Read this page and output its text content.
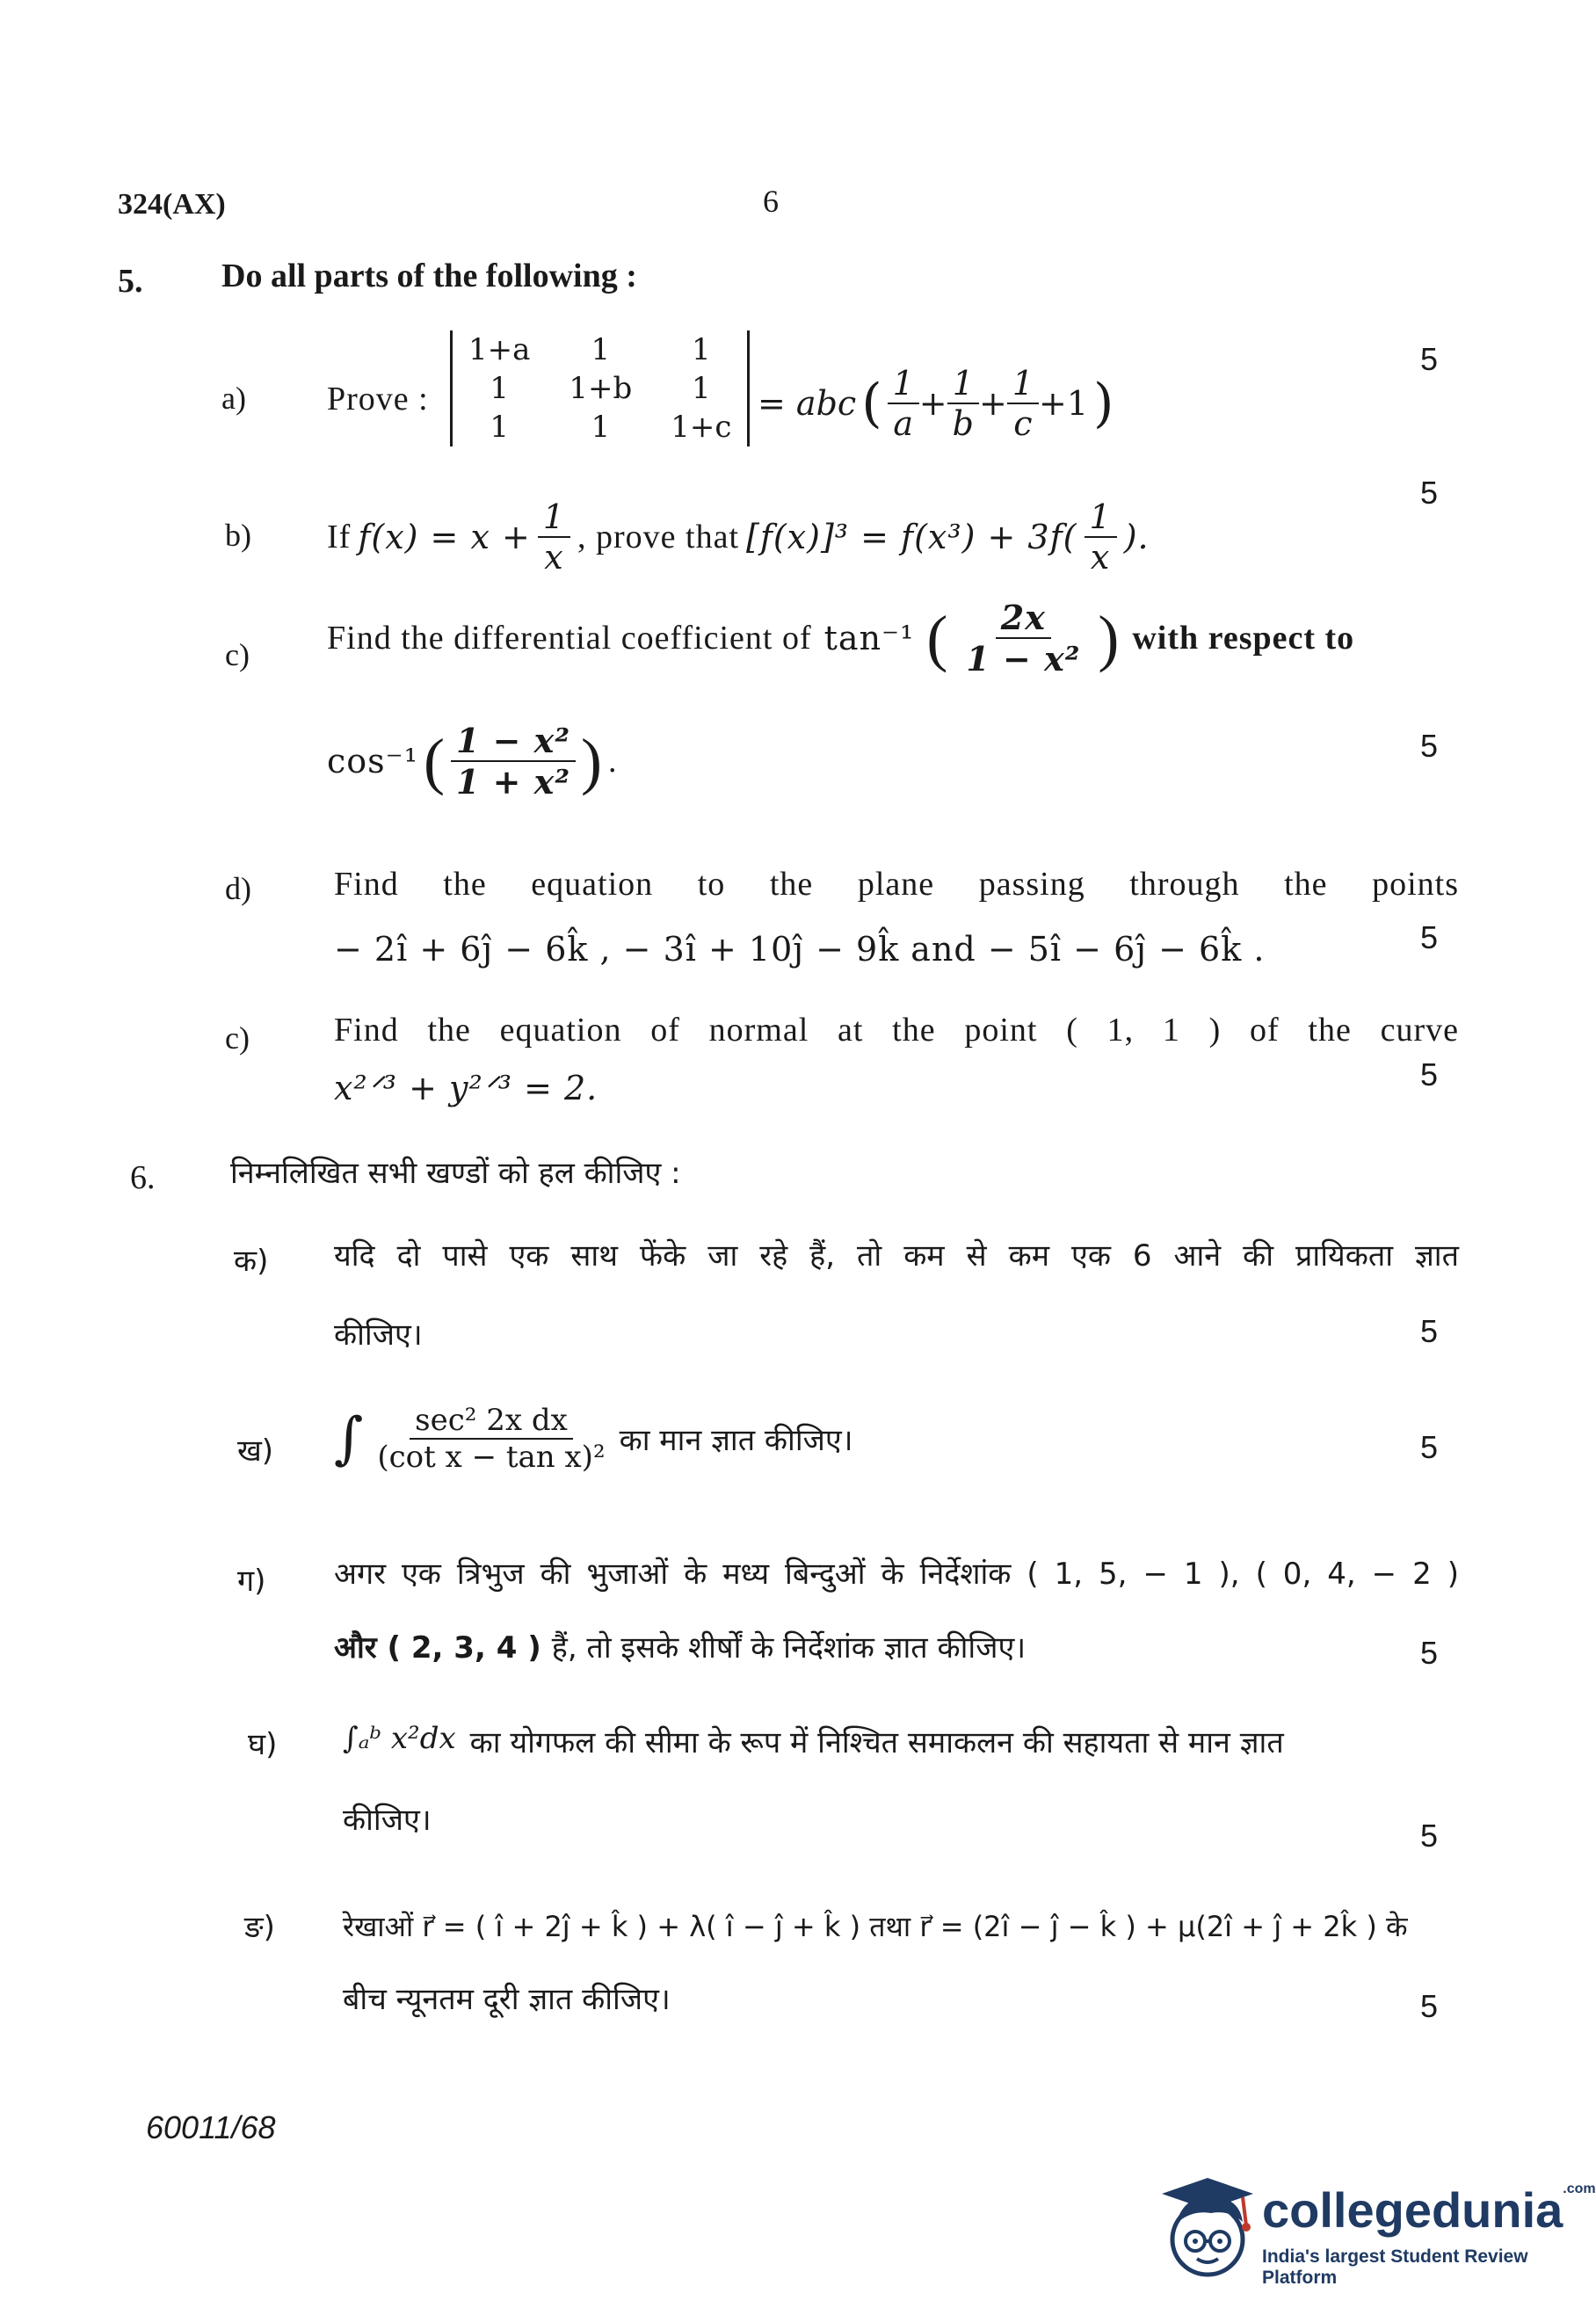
324(AX)	6
5. Do all parts of the following :
a) Prove :
1+a	1	1
1	1+b	1
1	1	1+c
= abc ( $\frac{1}{a} + \frac{1}{b} + \frac{1}{c} +1$ )
5
b) If $f(x) = x + \frac{1}{x}$ , prove that $[f(x)]^3 = f(x^3) + 3f( \frac{1}{x}$ ).
5
c) Find the differential coefficient of tan⁻¹ ( $\frac{2x}{\text{1 − x²}}$ ) with respect to
cos⁻¹ ( $\frac{\text{1 − x²}}{\text{1 + x²}}$ ) .	5
d) Find the equation to the plane passing through the points
− 2î + 6ĵ − 6k̂ , − 3î + 10ĵ − 9k̂ and − 5î − 6ĵ − 6k̂ .	5
c)	Find the equation of normal at the point ( 1, 1 ) of the curve
x²ᐟ³ + y²ᐟ³ = 2.	5
6.	निम्नलिखित सभी खण्डों को हल कीजिए :
क) यदि दो पासे एक साथ फेंके जा रहे हैं, तो कम से कम एक 6 आने की प्रायिकता ज्ञात
कीजिए।	5
ख) ∫ $\frac{\text{sec² 2x dx}}{\text{(cot x − tan x)²}}$ का मान ज्ञात कीजिए।	5
ग) अगर एक त्रिभुज की भुजाओं के मध्य बिन्दुओं के निर्देशांक ( 1, 5, − 1 ), ( 0, 4, − 2 )
और ( 2, 3, 4 ) हैं, तो इसके शीर्षों के निर्देशांक ज्ञात कीजिए।	5
घ) ∫ₐᵇ x²dx का योगफल की सीमा के रूप में निश्चित समाकलन की सहायता से मान ज्ञात
कीजिए।	5
ङ) रेखाओं r⃗ = ( î + 2ĵ + k̂ ) + λ( î − ĵ + k̂ ) तथा r⃗ = (2î − ĵ − k̂ ) + μ(2î + ĵ + 2k̂ ) के
बीच न्यूनतम दूरी ज्ञात कीजिए।	5
60011/68
collegedunia$^{.com}$
India's largest Student Review Platform
